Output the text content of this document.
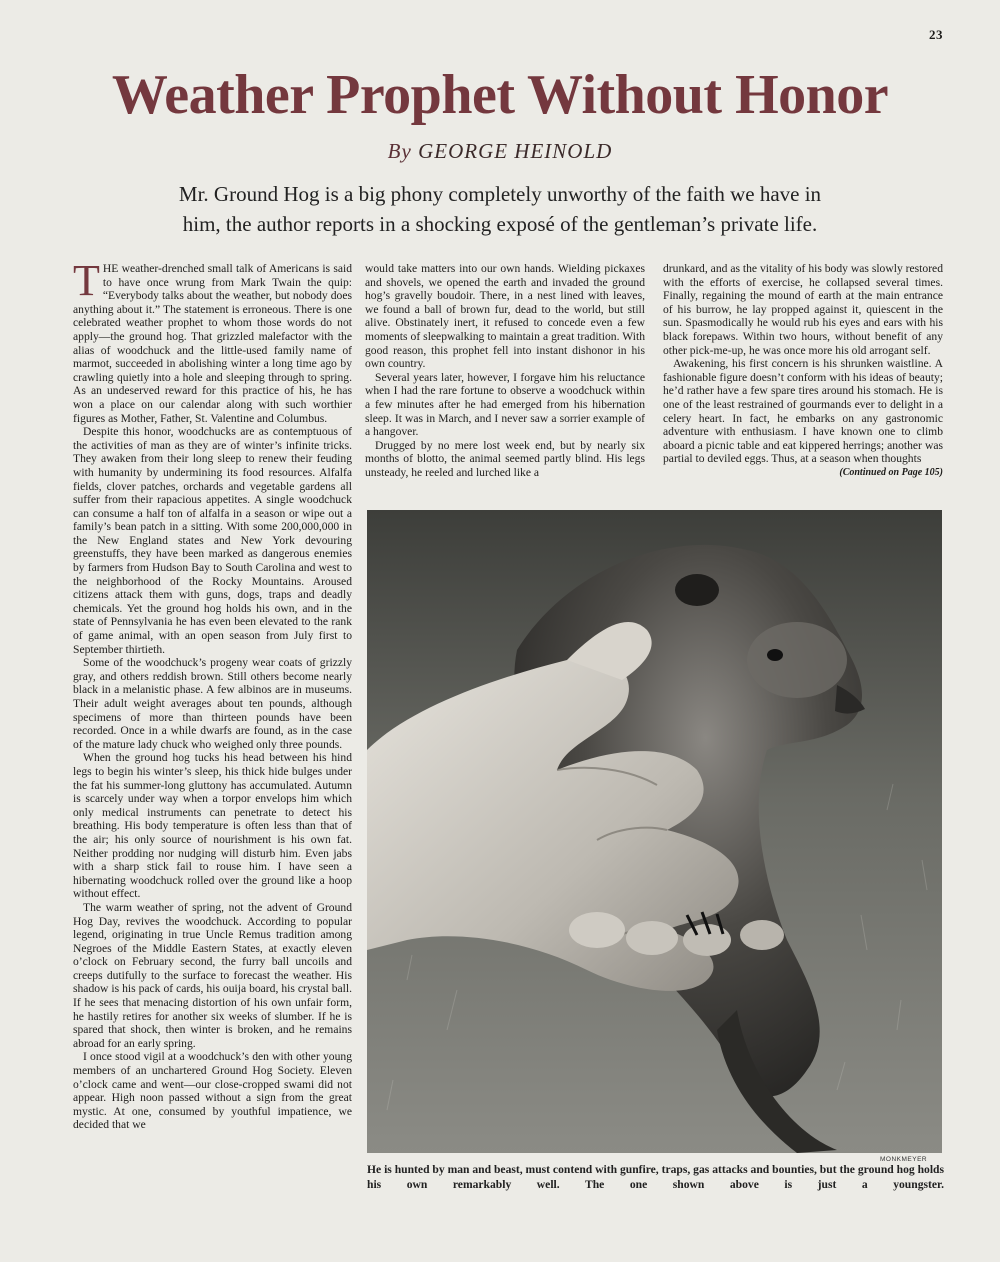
23
Weather Prophet Without Honor
By GEORGE HEINOLD
Mr. Ground Hog is a big phony completely unworthy of the faith we have in
him, the author reports in a shocking exposé of the gentleman’s private life.

THE weather-drenched small talk of Americans is said to have once wrung from Mark Twain the quip: “Everybody talks about the weather, but nobody does anything about it.” The statement is erroneous. There is one celebrated weather prophet to whom those words do not apply—the ground hog. That grizzled malefactor with the alias of woodchuck and the little-used family name of marmot, succeeded in abolishing winter a long time ago by crawling quietly into a hole and sleeping through to spring. As an undeserved reward for this practice of his, he has won a place on our calendar along with such worthier figures as Mother, Father, St. Valentine and Columbus.

Despite this honor, woodchucks are as contemptuous of the activities of man as they are of winter’s infinite tricks. They awaken from their long sleep to renew their feuding with humanity by undermining its food resources. Alfalfa fields, clover patches, orchards and vegetable gardens all suffer from their rapacious appetites. A single woodchuck can consume a half ton of alfalfa in a season or wipe out a family’s bean patch in a sitting. With some 200,000,000 in the New England states and New York devouring greenstuffs, they have been marked as dangerous enemies by farmers from Hudson Bay to South Carolina and west to the neighborhood of the Rocky Mountains. Aroused citizens attack them with guns, dogs, traps and deadly chemicals. Yet the ground hog holds his own, and in the state of Pennsylvania he has even been elevated to the rank of game animal, with an open season from July first to September thirtieth.

Some of the woodchuck’s progeny wear coats of grizzly gray, and others reddish brown. Still others become nearly black in a melanistic phase. A few albinos are in museums. Their adult weight averages about ten pounds, although specimens of more than thirteen pounds have been recorded. Once in a while dwarfs are found, as in the case of the mature lady chuck who weighed only three pounds.

When the ground hog tucks his head between his hind legs to begin his winter’s sleep, his thick hide bulges under the fat his summer-long gluttony has accumulated. Autumn is scarcely under way when a torpor envelops him which only medical instruments can penetrate to detect his breathing. His body temperature is often less than that of the air; his only source of nourishment is his own fat. Neither prodding nor nudging will disturb him. Even jabs with a sharp stick fail to rouse him. I have seen a hibernating woodchuck rolled over the ground like a hoop without effect.

The warm weather of spring, not the advent of Ground Hog Day, revives the woodchuck. According to popular legend, originating in true Uncle Remus tradition among Negroes of the Middle Eastern States, at exactly eleven o’clock on February second, the furry ball uncoils and creeps dutifully to the surface to forecast the weather. His shadow is his pack of cards, his ouija board, his crystal ball. If he sees that menacing distortion of his own unfair form, he hastily retires for another six weeks of slumber. If he is spared that shock, then winter is broken, and he remains abroad for an early spring.

I once stood vigil at a woodchuck’s den with other young members of an unchartered Ground Hog Society. Eleven o’clock came and went—our close-cropped swami did not appear. High noon passed without a sign from the great mystic. At one, consumed by youthful impatience, we decided that we

would take matters into our own hands. Wielding pickaxes and shovels, we opened the earth and invaded the ground hog’s gravelly boudoir. There, in a nest lined with leaves, we found a ball of brown fur, dead to the world, but still alive. Obstinately inert, it refused to concede even a few moments of sleepwalking to maintain a great tradition. With good reason, this prophet fell into instant dishonor in his own country.

Several years later, however, I forgave him his reluctance when I had the rare fortune to observe a woodchuck within a few minutes after he had emerged from his hibernation sleep. It was in March, and I never saw a sorrier example of a hangover.

Drugged by no mere lost week end, but by nearly six months of blotto, the animal seemed partly blind. His legs unsteady, he reeled and lurched like a

drunkard, and as the vitality of his body was slowly restored with the efforts of exercise, he collapsed several times. Finally, regaining the mound of earth at the main entrance of his burrow, he lay propped against it, quiescent in the sun. Spasmodically he would rub his eyes and ears with his black forepaws. Within two hours, without benefit of any other pick-me-up, he was once more his old arrogant self.

Awakening, his first concern is his shrunken waistline. A fashionable figure doesn’t conform with his ideas of beauty; he’d rather have a few spare tires around his stomach. He is one of the least restrained of gourmands ever to delight in a celery heart. In fact, he embarks on any gastronomic adventure with enthusiasm. I have known one to climb aboard a picnic table and eat kippered herrings; another was partial to deviled eggs. Thus, at a season when thoughts
(Continued on Page 105)

MONKMEYER
He is hunted by man and beast, must contend with gunfire, traps, gas attacks and bounties, but the ground hog holds his own remarkably well. The one shown above is just a youngster.
